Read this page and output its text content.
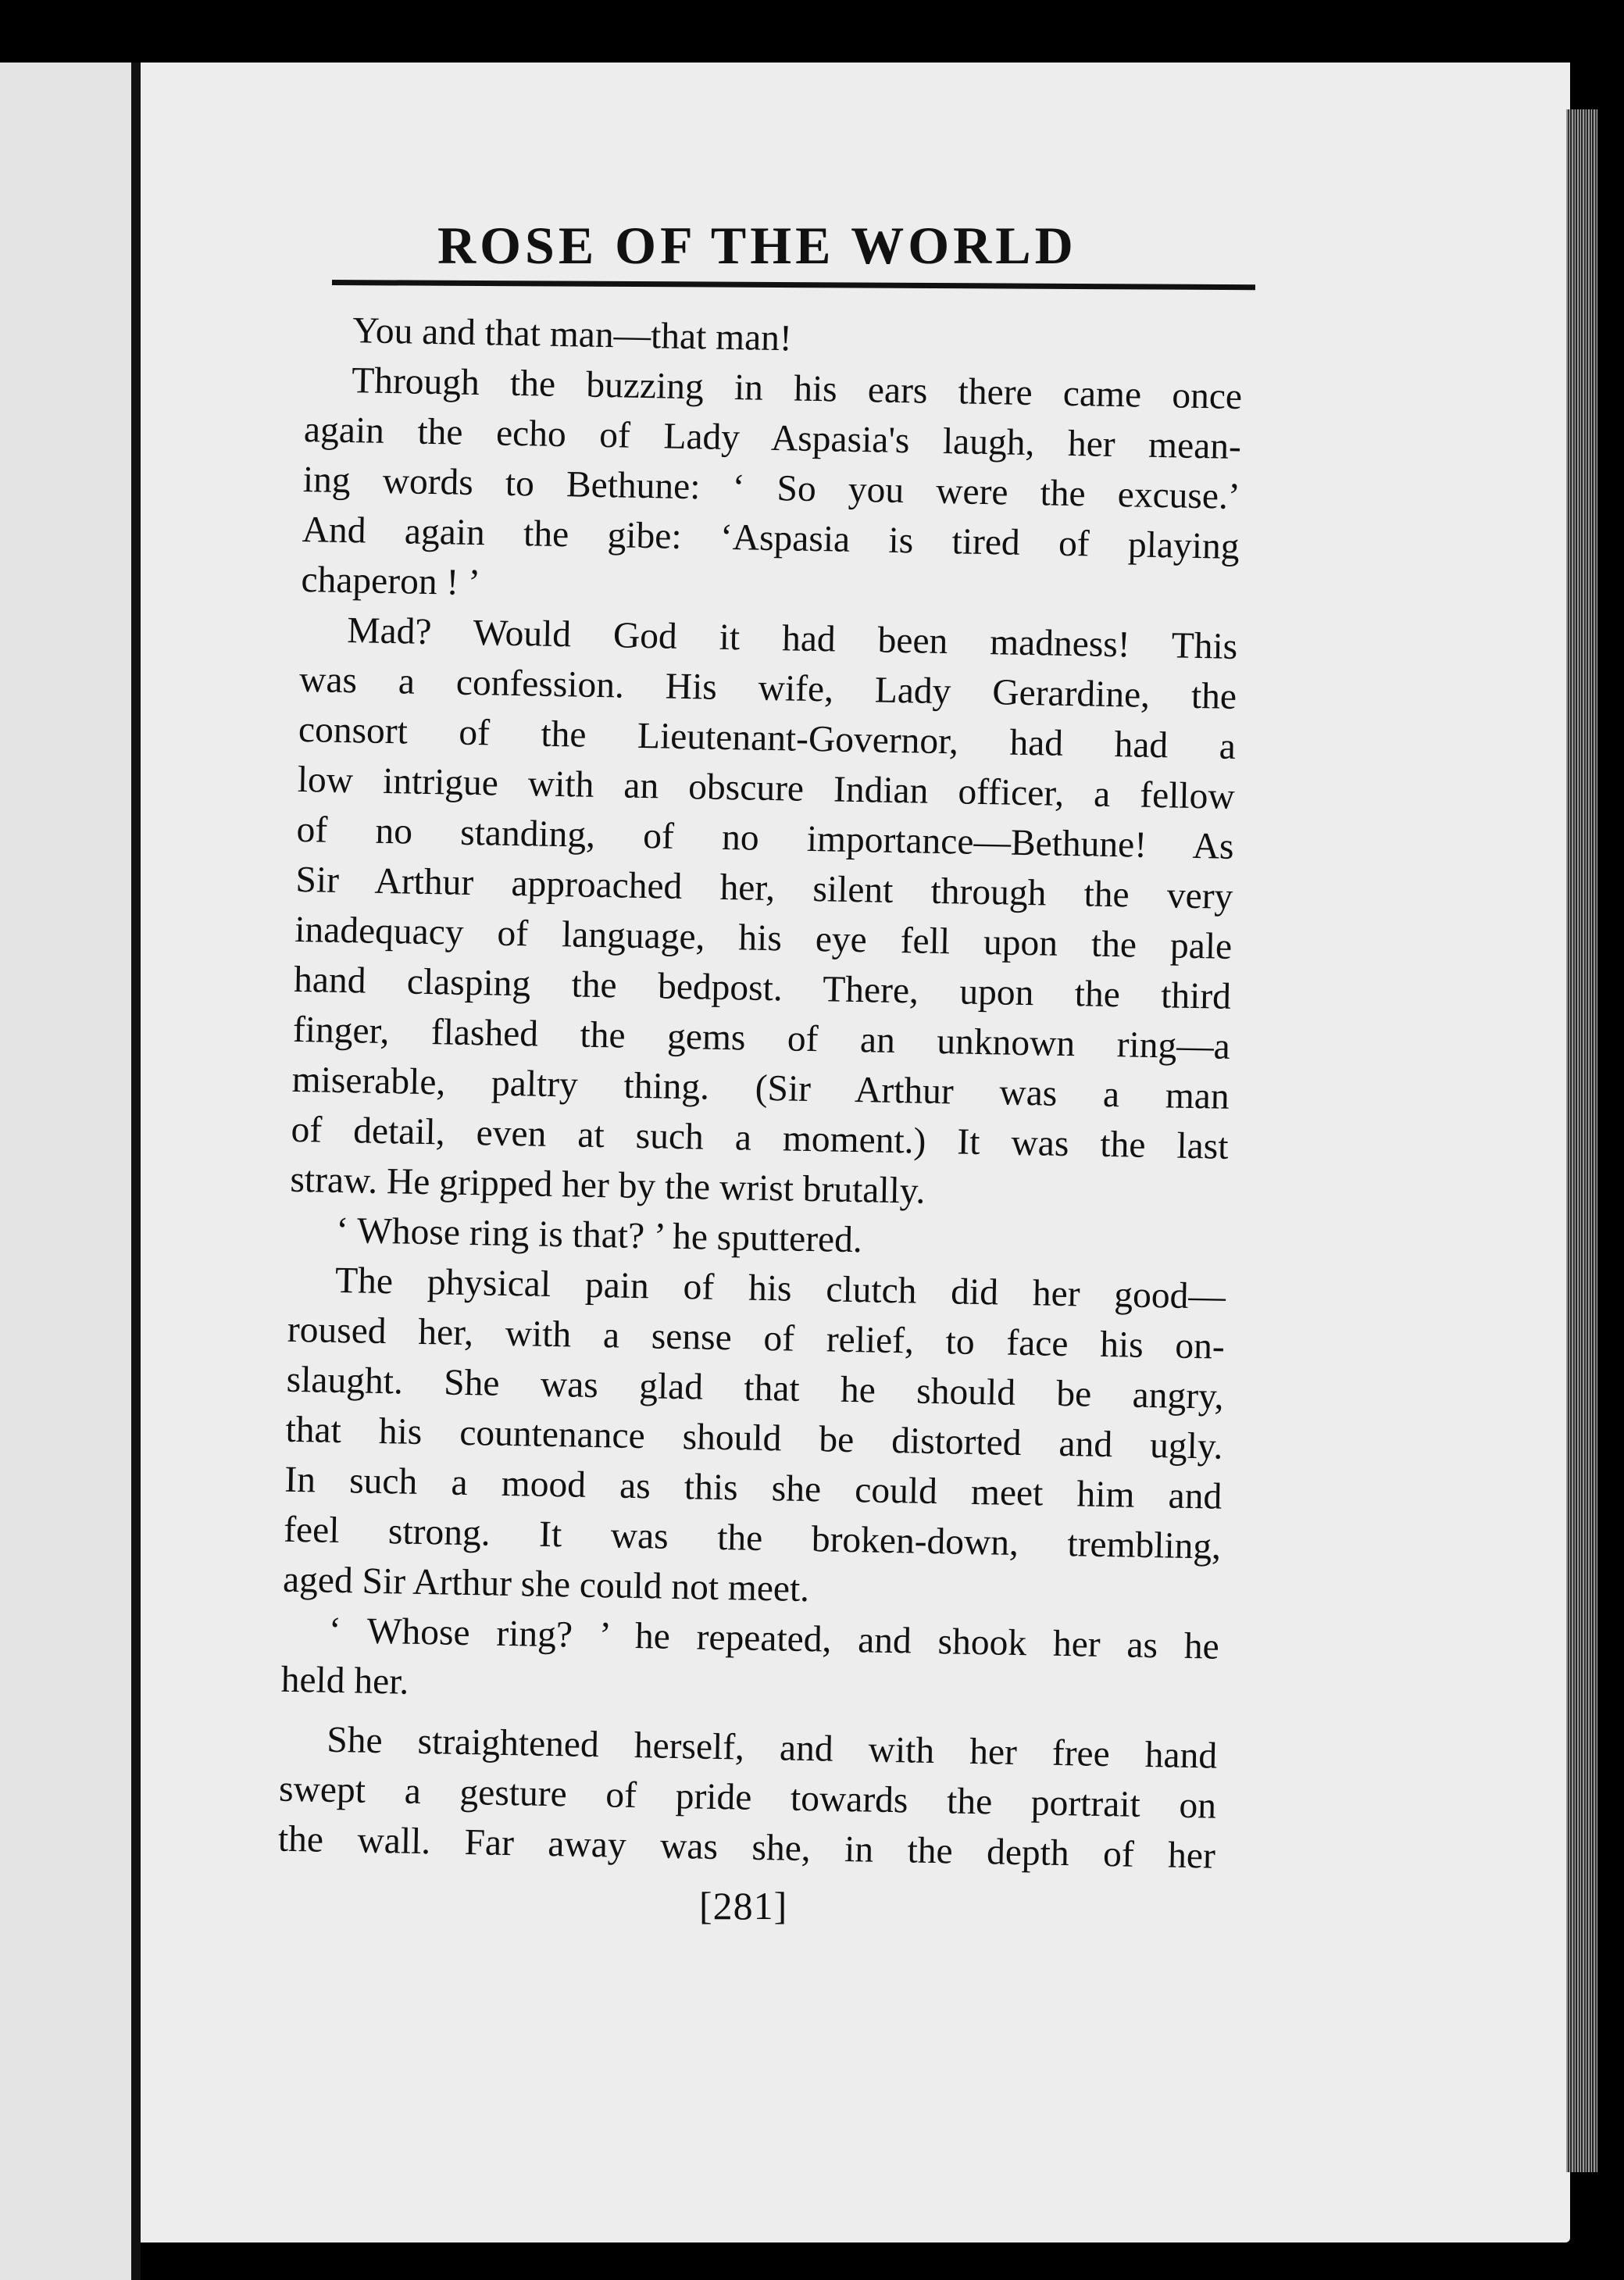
ROSE OF THE WORLD
You and that man—that man!
Through the buzzing in his ears there came once
again the echo of Lady Aspasia's laugh, her mean-
ing words to Bethune: ‘ So you were the excuse.’
And again the gibe: ‘Aspasia is tired of playing
chaperon ! ’
Mad? Would God it had been madness! This
was a confession. His wife, Lady Gerardine, the
consort of the Lieutenant-Governor, had had a
low intrigue with an obscure Indian officer, a fellow
of no standing, of no importance—Bethune! As
Sir Arthur approached her, silent through the very
inadequacy of language, his eye fell upon the pale
hand clasping the bedpost. There, upon the third
finger, flashed the gems of an unknown ring—a
miserable, paltry thing. (Sir Arthur was a man
of detail, even at such a moment.) It was the last
straw. He gripped her by the wrist brutally.
‘ Whose ring is that? ’ he sputtered.
The physical pain of his clutch did her good—
roused her, with a sense of relief, to face his on-
slaught. She was glad that he should be angry,
that his countenance should be distorted and ugly.
In such a mood as this she could meet him and
feel strong. It was the broken-down, trembling,
aged Sir Arthur she could not meet.
‘ Whose ring? ’ he repeated, and shook her as he
held her.
She straightened herself, and with her free hand
swept a gesture of pride towards the portrait on
the wall. Far away was she, in the depth of her
[281]
